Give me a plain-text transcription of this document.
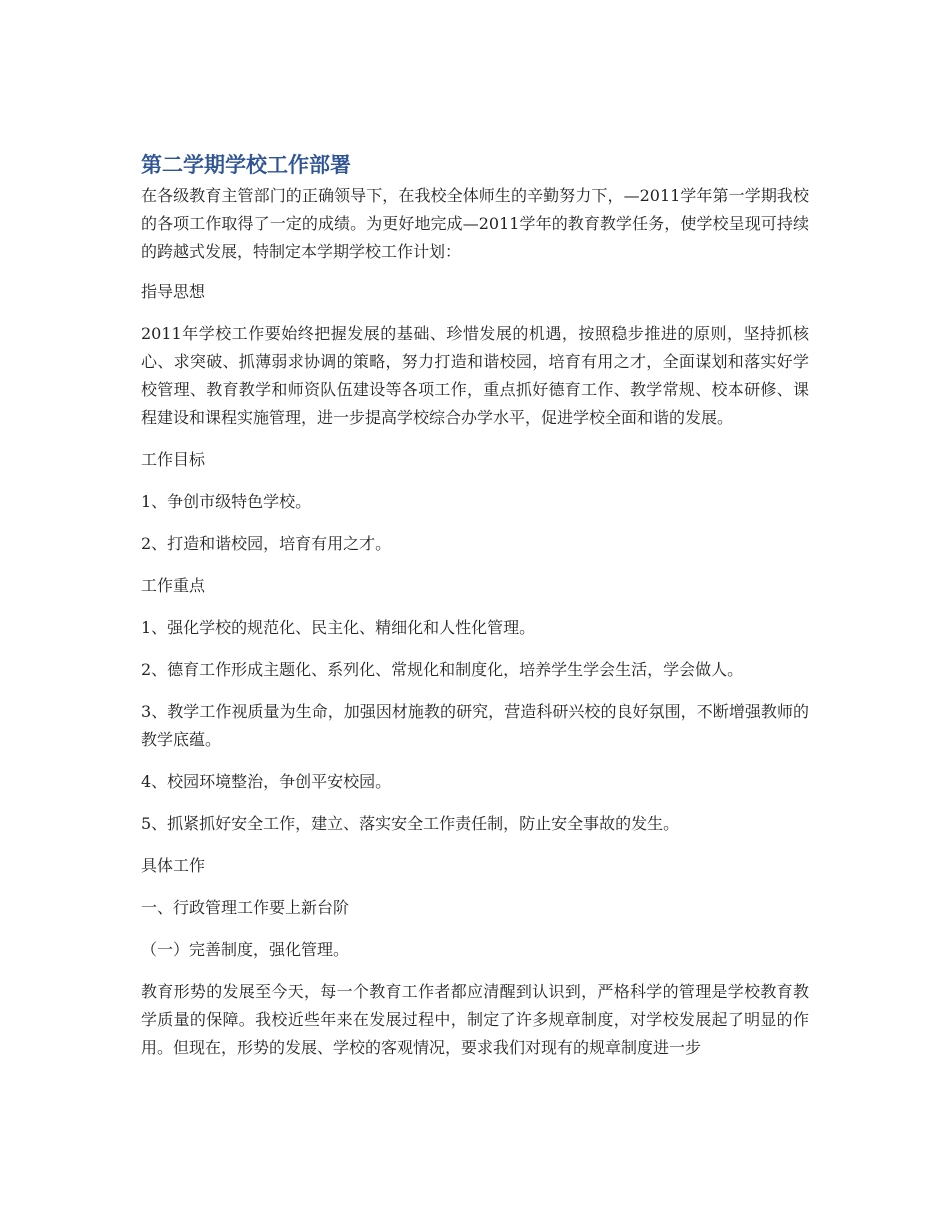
第二学期学校工作部署

在各级教育主管部门的正确领导下，在我校全体师生的辛勤努力下，—2011学年第一学期我校的各项工作取得了一定的成绩。为更好地完成—2011学年的教育教学任务，使学校呈现可持续的跨越式发展，特制定本学期学校工作计划：

指导思想

2011年学校工作要始终把握发展的基础、珍惜发展的机遇，按照稳步推进的原则，坚持抓核心、求突破、抓薄弱求协调的策略，努力打造和谐校园，培育有用之才，全面谋划和落实好学校管理、教育教学和师资队伍建设等各项工作，重点抓好德育工作、教学常规、校本研修、课程建设和课程实施管理，进一步提高学校综合办学水平，促进学校全面和谐的发展。

工作目标

1、争创市级特色学校。

2、打造和谐校园，培育有用之才。

工作重点

1、强化学校的规范化、民主化、精细化和人性化管理。

2、德育工作形成主题化、系列化、常规化和制度化，培养学生学会生活，学会做人。

3、教学工作视质量为生命，加强因材施教的研究，营造科研兴校的良好氛围，不断增强教师的教学底蕴。

4、校园环境整治，争创平安校园。

5、抓紧抓好安全工作，建立、落实安全工作责任制，防止安全事故的发生。

具体工作

一、行政管理工作要上新台阶

（一）完善制度，强化管理。

教育形势的发展至今天，每一个教育工作者都应清醒到认识到，严格科学的管理是学校教育教学质量的保障。我校近些年来在发展过程中，制定了许多规章制度，对学校发展起了明显的作用。但现在，形势的发展、学校的客观情况，要求我们对现有的规章制度进一步
